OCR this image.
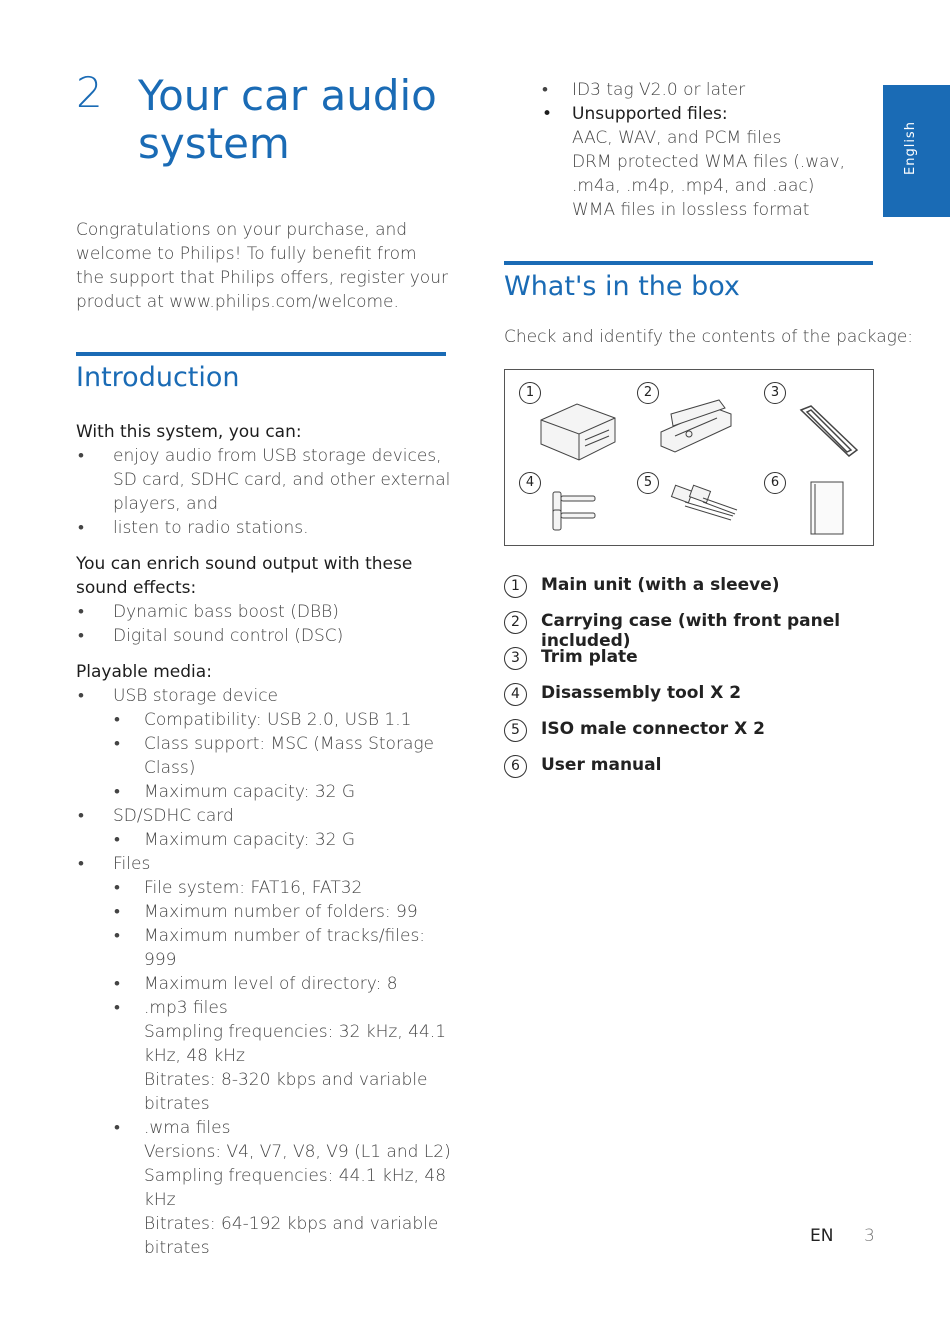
2 Your car audio system
Congratulations on your purchase, and welcome to Philips! To fully benefit from the support that Philips offers, register your product at www.philips.com/welcome.
Introduction

With this system, you can:

• enjoy audio from USB storage devices, SD card, SDHC card, and other external players, and
• listen to radio stations.

You can enrich sound output with these sound effects:

• Dynamic bass boost (DBB)
• Digital sound control (DSC)

Playable media:

• USB storage device
• Compatibility: USB 2.0, USB 1.1
• Class support: MSC (Mass Storage Class)
• Maximum capacity: 32 G
• SD/SDHC card
• Maximum capacity: 32 G
• Files
• File system: FAT16, FAT32
• Maximum number of folders: 99
• Maximum number of tracks/files: 999
• Maximum level of directory: 8
• .mp3 files
Sampling frequencies: 32 kHz, 44.1 kHz, 48 kHz
Bitrates: 8-320 kbps and variable bitrates
• .wma files
Versions: V4, V7, V8, V9 (L1 and L2)
Sampling frequencies: 44.1 kHz, 48 kHz
Bitrates: 64-192 kbps and variable bitrates
• ID3 tag V2.0 or later
• Unsupported files:
AAC, WAV, and PCM files
DRM protected WMA files (.wav, .m4a, .m4p, .mp4, and .aac)
WMA files in lossless format
What's in the box
Check and identify the contents of the package:
1	2	3
4	5	6
1	Main unit (with a sleeve)
2	Carrying case (with front panel included)
3	Trim plate
4	Disassembly tool X 2
5	ISO male connector X 2
6	User manual
English
EN 3
